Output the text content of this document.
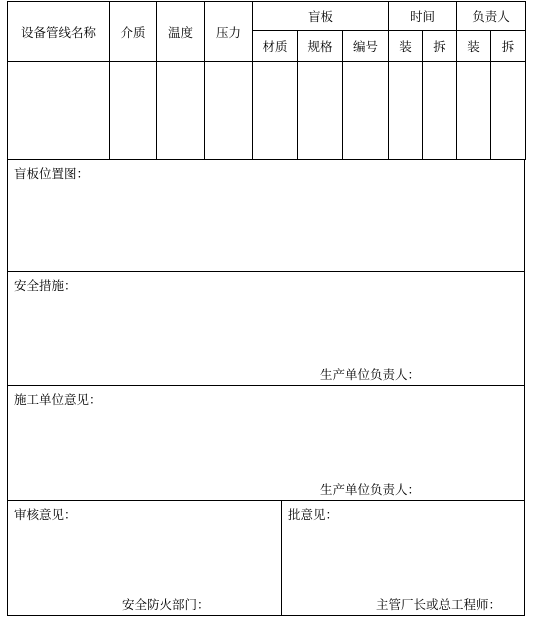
设备管线名称	介质	温度	压力	盲板			时间		负责人	
				材质	规格	编号	装	拆	装	拆

盲板位置图：
安全措施：
生产单位负责人：
施工单位意见：
生产单位负责人：
审核意见：
安全防火部门：
批意见：
主管厂长或总工程师：
